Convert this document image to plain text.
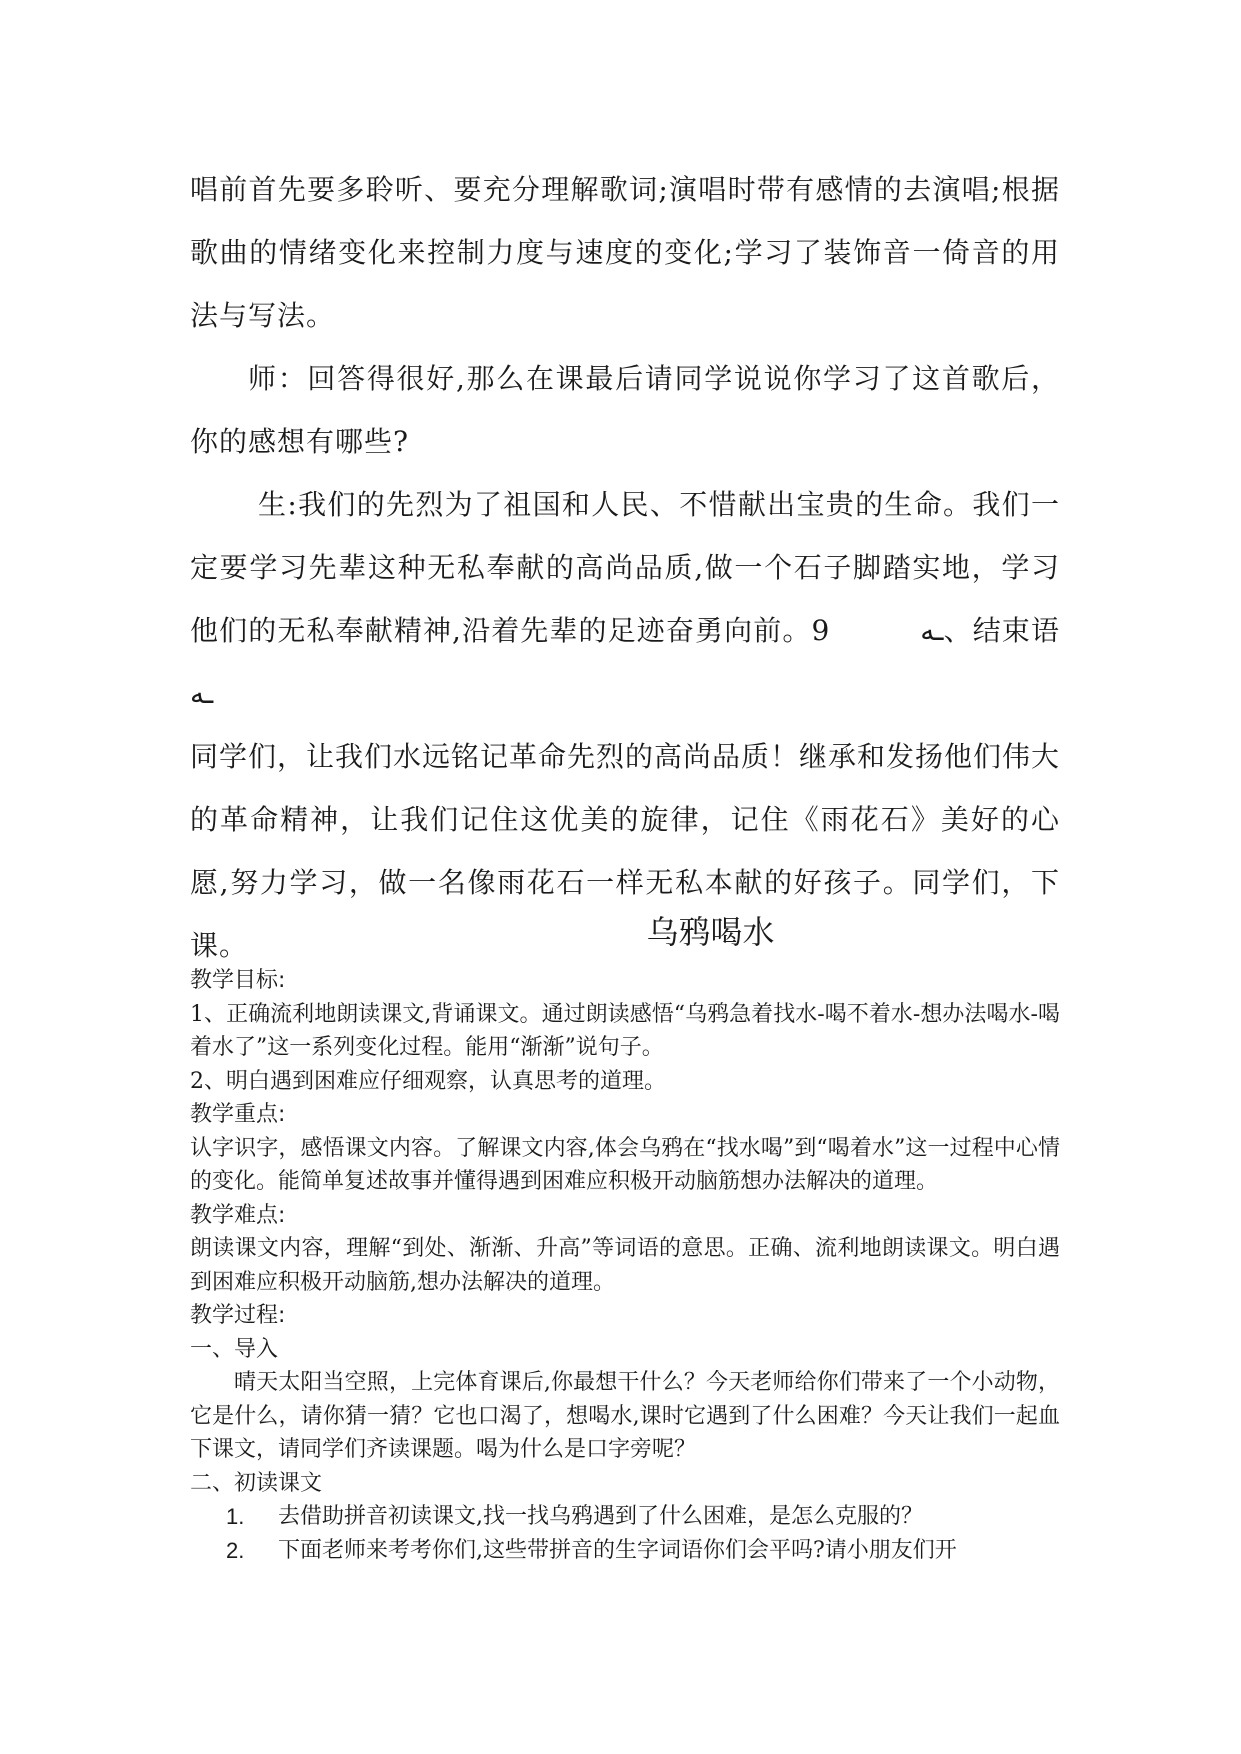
唱前首先要多聆听、要充分理解歌词;演唱时带有感情的去演唱;根据歌曲的情绪变化来控制力度与速度的变化;学习了装饰音一倚音的用法与写法。

师：回答得很好,那么在课最后请同学说说你学习了这首歌后，你的感想有哪些?

生:我们的先烈为了祖国和人民、不惜献出宝贵的生命。我们一定要学习先辈这种无私奉献的高尚品质,做一个石子脚踏实地，学习他们的无私奉献精神,沿着先辈的足迹奋勇向前。9	ـه、结束语ـه

同学们，让我们水远铭记革命先烈的高尚品质！继承和发扬他们伟大的革命精神，让我们记住这优美的旋律，记住《雨花石》美好的心愿,努力学习，做一名像雨花石一样无私本献的好孩子。同学们，下课。	乌鸦喝水

教学目标:

1、正确流利地朗读课文,背诵课文。通过朗读感悟“乌鸦急着找水-喝不着水-想办法喝水-喝着水了”这一系列变化过程。能用“渐渐”说句子。

2、明白遇到困难应仔细观察，认真思考的道理。

教学重点:

认字识字，感悟课文内容。了解课文内容,体会乌鸦在“找水喝”到“喝着水”这一过程中心情的变化。能简单复述故事并懂得遇到困难应积极开动脑筋想办法解决的道理。

教学难点:

朗读课文内容，理解“到处、渐渐、升高”等词语的意思。正确、流利地朗读课文。明白遇到困难应积极开动脑筋,想办法解决的道理。

教学过程:

一、导入

晴天太阳当空照，上完体育课后,你最想干什么？今天老师给你们带来了一个小动物，它是什么，请你猜一猜？它也口渴了，想喝水,课时它遇到了什么困难？今天让我们一起血下课文，请同学们齐读课题。喝为什么是口字旁呢？

二、初读课文

1. 去借助拼音初读课文,找一找乌鸦遇到了什么困难，是怎么克服的？
2. 下面老师来考考你们,这些带拼音的生字词语你们会平吗?请小朋友们开
